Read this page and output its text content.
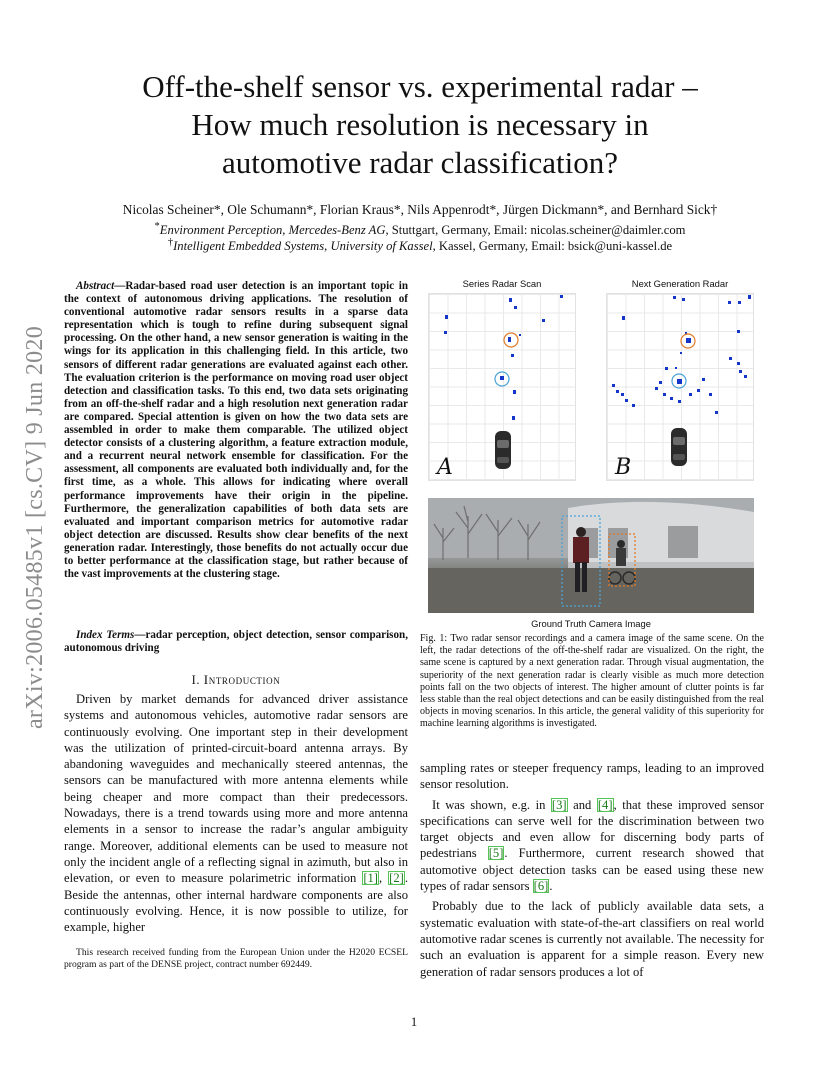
arXiv:2006.05485v1 [cs.CV] 9 Jun 2020
Off-the-shelf sensor vs. experimental radar –
How much resolution is necessary in
automotive radar classification?
Nicolas Scheiner*, Ole Schumann*, Florian Kraus*, Nils Appenrodt*, Jürgen Dickmann*, and Bernhard Sick†
*Environment Perception, Mercedes-Benz AG, Stuttgart, Germany, Email: nicolas.scheiner@daimler.com
†Intelligent Embedded Systems, University of Kassel, Kassel, Germany, Email: bsick@uni-kassel.de

Abstract—Radar-based road user detection is an important topic in the context of autonomous driving applications. The resolution of conventional automotive radar sensors results in a sparse data representation which is tough to refine during subsequent signal processing. On the other hand, a new sensor generation is waiting in the wings for its application in this challenging field. In this article, two sensors of different radar generations are evaluated against each other. The evaluation criterion is the performance on moving road user object detection and classification tasks. To this end, two data sets originating from an off-the-shelf radar and a high resolution next generation radar are compared. Special attention is given on how the two data sets are assembled in order to make them comparable. The utilized object detector consists of a clustering algorithm, a feature extraction module, and a recurrent neural network ensemble for classification. For the assessment, all components are evaluated both individually and, for the first time, as a whole. This allows for indicating where overall performance improvements have their origin in the pipeline. Furthermore, the generalization capabilities of both data sets are evaluated and important comparison metrics for automotive radar object detection are discussed. Results show clear benefits of the next generation radar. Interestingly, those benefits do not actually occur due to better performance at the classification stage, but rather because of the vast improvements at the clustering stage.

Index Terms—radar perception, object detection, sensor comparison, autonomous driving

I. Introduction

Driven by market demands for advanced driver assistance systems and autonomous vehicles, automotive radar sensors are continuously evolving. One important step in their development was the utilization of printed-circuit-board antenna arrays. By abandoning waveguides and mechanically steered antennas, the sensors can be manufactured with more antenna elements while being cheaper and more compact than their predecessors. Nowadays, there is a trend towards using more and more antenna elements in a sensor to increase the radar’s angular ambiguity range. Moreover, additional elements can be used to measure not only the incident angle of a reflecting signal in azimuth, but also in elevation, or even to measure polarimetric information [1], [2]. Beside the antennas, other internal hardware components are also continuously evolving. Hence, it is now possible to utilize, for example, higher

This research received funding from the European Union under the H2020 ECSEL program as part of the DENSE project, contract number 692449.
Series Radar Scan
A
Next Generation Radar
B
Ground Truth Camera Image
Fig. 1: Two radar sensor recordings and a camera image of the same scene. On the left, the radar detections of the off-the-shelf radar are visualized. On the right, the same scene is captured by a next generation radar. Through visual augmentation, the superiority of the next generation radar is clearly visible as much more detection points fall on the two objects of interest. The higher amount of clutter points is far less stable than the real object detections and can be easily distinguished from the real objects in moving scenarios. In this article, the general validity of this superiority for machine learning algorithms is investigated.

sampling rates or steeper frequency ramps, leading to an improved sensor resolution.

It was shown, e.g. in [3] and [4], that these improved sensor specifications can serve well for the discrimination between two target objects and even allow for discerning body parts of pedestrians [5]. Furthermore, current research showed that automotive object detection tasks can be eased using these new types of radar sensors [6].

Probably due to the lack of publicly available data sets, a systematic evaluation with state-of-the-art classifiers on real world automotive radar scenes is currently not available. The necessity for such an evaluation is apparent for a simple reason. Every new generation of radar sensors produces a lot of

1
